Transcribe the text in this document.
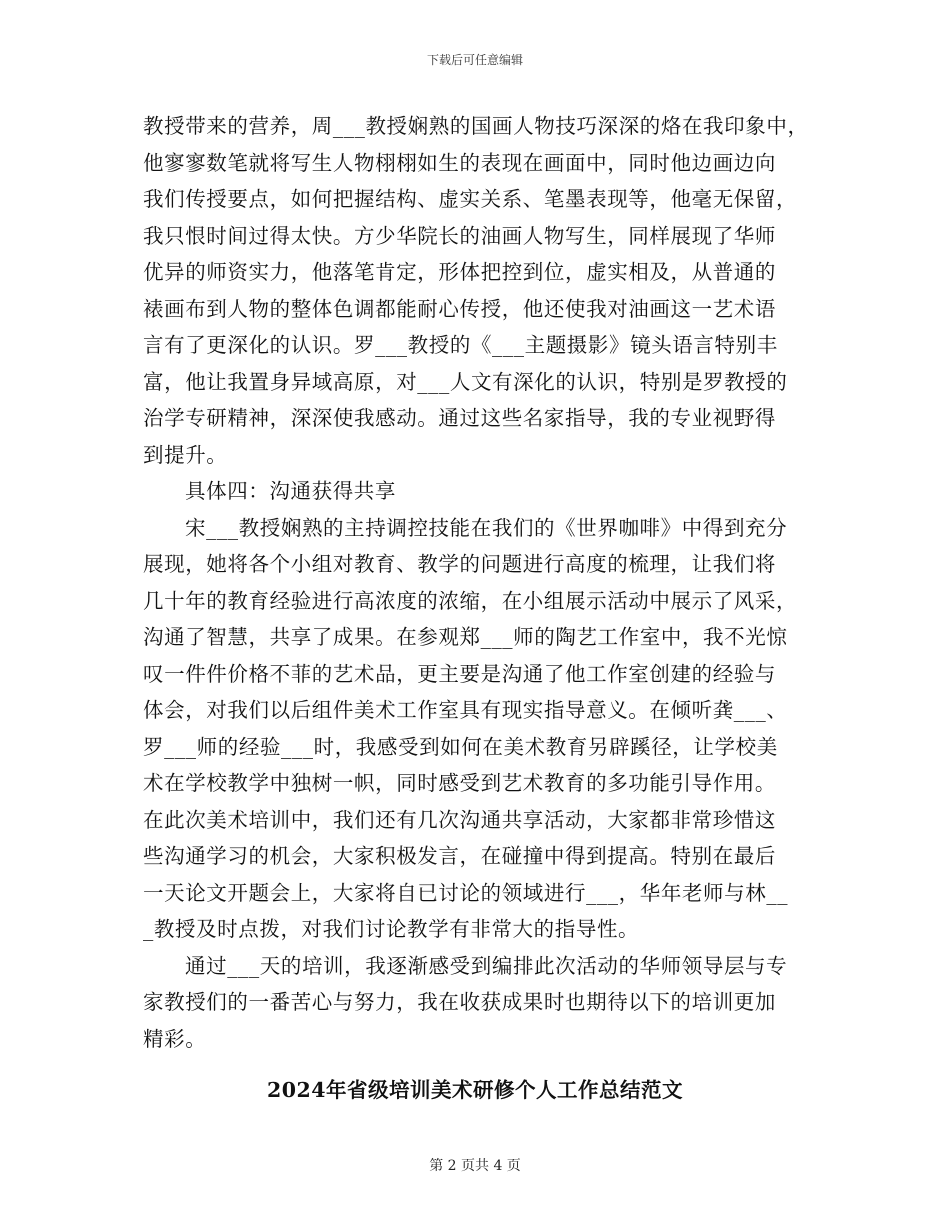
下载后可任意编辑
教授带来的营养，周___教授娴熟的国画人物技巧深深的烙在我印象中，
他寥寥数笔就将写生人物栩栩如生的表现在画面中，同时他边画边向
我们传授要点，如何把握结构、虚实关系、笔墨表现等，他毫无保留，
我只恨时间过得太快。方少华院长的油画人物写生，同样展现了华师
优异的师资实力，他落笔肯定，形体把控到位，虚实相及，从普通的
裱画布到人物的整体色调都能耐心传授，他还使我对油画这一艺术语
言有了更深化的认识。罗___教授的《___主题摄影》镜头语言特别丰
富，他让我置身异域高原，对___人文有深化的认识，特别是罗教授的
治学专研精神，深深使我感动。通过这些名家指导，我的专业视野得
到提升。
具体四：沟通获得共享
宋___教授娴熟的主持调控技能在我们的《世界咖啡》中得到充分
展现，她将各个小组对教育、教学的问题进行高度的梳理，让我们将
几十年的教育经验进行高浓度的浓缩，在小组展示活动中展示了风采，
沟通了智慧，共享了成果。在参观郑___师的陶艺工作室中，我不光惊
叹一件件价格不菲的艺术品，更主要是沟通了他工作室创建的经验与
体会，对我们以后组件美术工作室具有现实指导意义。在倾听龚___、
罗___师的经验___时，我感受到如何在美术教育另辟蹊径，让学校美
术在学校教学中独树一帜，同时感受到艺术教育的多功能引导作用。
在此次美术培训中，我们还有几次沟通共享活动，大家都非常珍惜这
些沟通学习的机会，大家积极发言，在碰撞中得到提高。特别在最后
一天论文开题会上，大家将自已讨论的领域进行___，华年老师与林__
_教授及时点拨，对我们讨论教学有非常大的指导性。
通过___天的培训，我逐渐感受到编排此次活动的华师领导层与专
家教授们的一番苦心与努力，我在收获成果时也期待以下的培训更加
精彩。
2024年省级培训美术研修个人工作总结范文
第 2 页共 4 页
